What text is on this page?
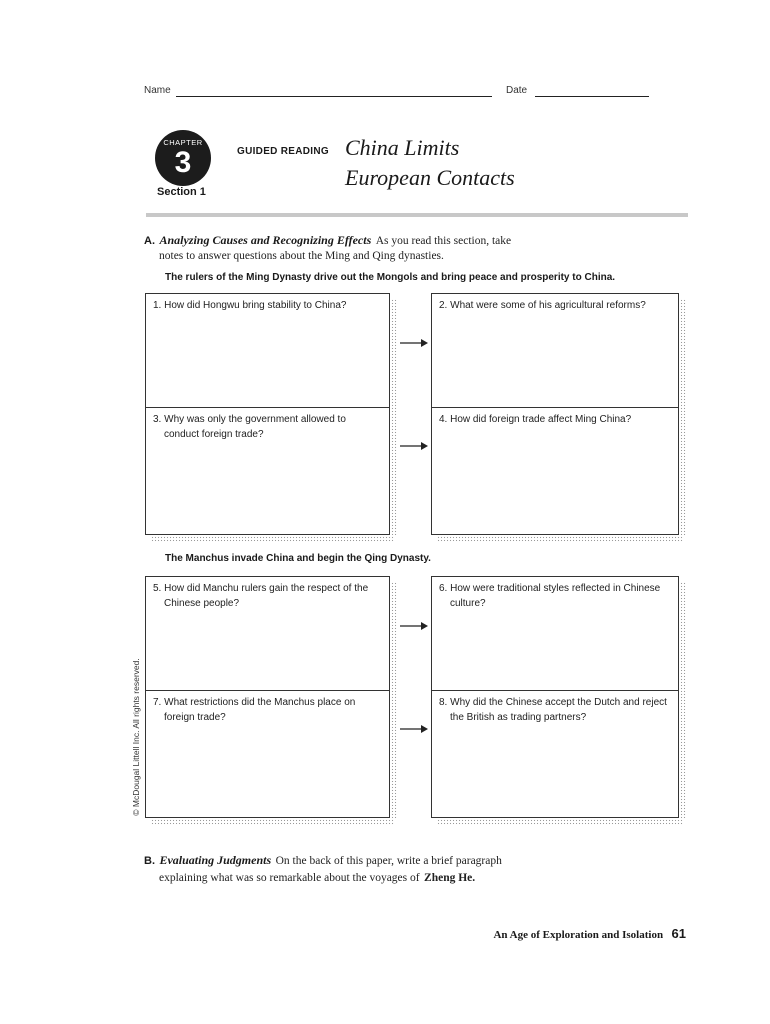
Name	Date
CHAPTER
3
Section 1
GUIDED READING China Limits
European Contacts
A. Analyzing Causes and Recognizing Effects As you read this section, take
notes to answer questions about the Ming and Qing dynasties.
The rulers of the Ming Dynasty drive out the Mongols and bring peace and prosperity to China.
1. How did Hongwu bring stability to China?
3. Why was only the government allowed to conduct foreign trade?
2. What were some of his agricultural reforms?
4. How did foreign trade affect Ming China?
The Manchus invade China and begin the Qing Dynasty.
5. How did Manchu rulers gain the respect of the Chinese people?
7. What restrictions did the Manchus place on foreign trade?
6. How were traditional styles reflected in Chinese culture?
8. Why did the Chinese accept the Dutch and reject the British as trading partners?
B. Evaluating Judgments On the back of this paper, write a brief paragraph
explaining what was so remarkable about the voyages of Zheng He.
© McDougal Littell Inc. All rights reserved.
An Age of Exploration and Isolation 61
